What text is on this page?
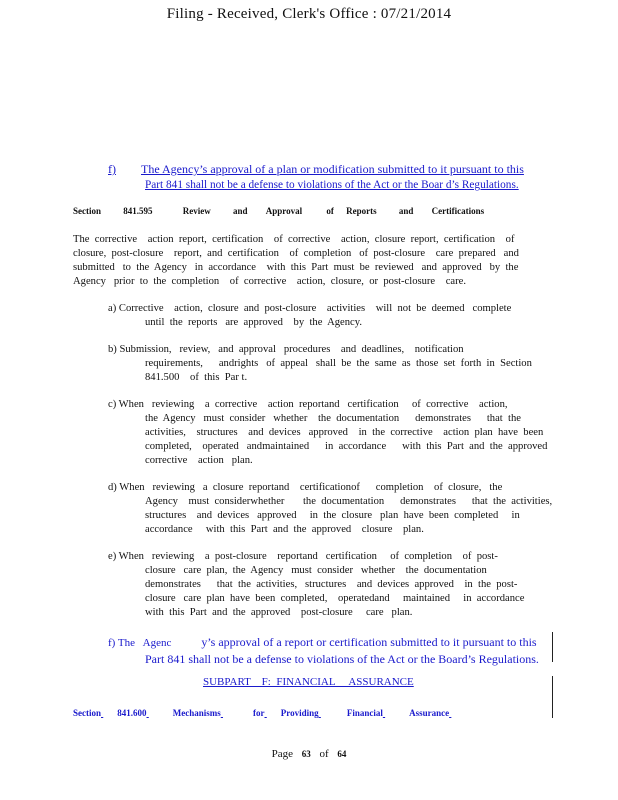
Filing - Received, Clerk's Office : 07/21/2014
f) The Agency’s approval of a plan or modification submitted to it pursuant to this
Part 841 shall not be a defense to violations of the Act or the Boar d’s Regulations.
Section 841.595	Review and Approval	of Reports and Certifications
The  corrective    action  report,  certification    of  corrective    action,  closure  report,  certification    of
closure,  post-closure    report,  and  certification    of  completion   of  post-closure    care  prepared   and
submitted   to  the  Agency   in  accordance    with  this  Part  must  be  reviewed   and  approved   by  the
Agency   prior  to  the  completion    of  corrective    action,  closure,  or  post-closure    care.
a) Corrective    action,  closure  and  post-closure    activities    will  not  be  deemed   complete
until  the  reports   are  approved    by  the  Agency.
b) Submission,   review,   and  approval   procedures    and  deadlines,    notification
requirements,      andrights   of  appeal   shall  be  the  same  as  those  set  forth  in  Section
841.500    of  this  Par t.
c) When   reviewing    a  corrective    action  reportand   certification     of  corrective    action,
the  Agency   must  consider   whether    the  documentation      demonstrates      that  the
activities,    structures    and  devices   approved    in  the  corrective    action  plan  have  been
completed,    operated   andmaintained      in  accordance      with  this  Part  and  the  approved
corrective    action   plan.
d) When   reviewing   a  closure  reportand    certificationof      completion    of  closure,   the
Agency    must  considerwhether       the  documentation      demonstrates      that  the  activities,
structures    and  devices   approved     in  the  closure   plan  have  been  completed     in
accordance     with  this  Part  and  the  approved    closure    plan.
e) When   reviewing    a  post-closure    reportand   certification     of  completion    of  post-
closure   care  plan,  the  Agency   must  consider   whether    the  documentation
demonstrates      that  the  activities,   structures    and  devices  approved    in  the  post-
closure   care  plan  have  been  completed,    operatedand     maintained     in  accordance
with  this  Part  and  the  approved    post-closure     care   plan.
f) The   Agenc	y’s approval of a report or certification submitted to it pursuant to this
Part 841 shall not be a defense to violations of the Act or the Board’s Regulations.
SUBPART    F:  FINANCIAL     ASSURANCE
Section 841.600	Mechanisms	for Providing	Financial	Assurance
Page 63 of 64
